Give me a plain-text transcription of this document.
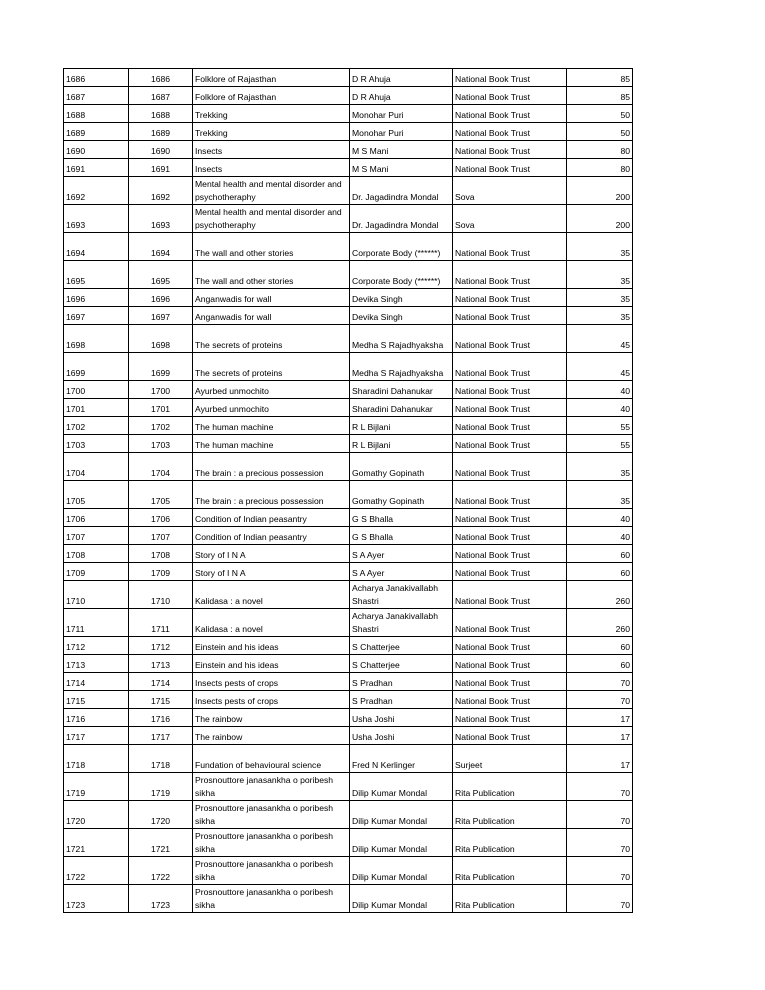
1686	1686	Folklore of Rajasthan	D R Ahuja	National Book Trust	85
1687	1687	Folklore of Rajasthan	D R Ahuja	National Book Trust	85
1688	1688	Trekking	Monohar Puri	National Book Trust	50
1689	1689	Trekking	Monohar Puri	National Book Trust	50
1690	1690	Insects	M S Mani	National Book Trust	80
1691	1691	Insects	M S Mani	National Book Trust	80
1692	1692	Mental health and mental disorder and psychotheraphy	Dr. Jagadindra Mondal	Sova	200
1693	1693	Mental health and mental disorder and psychotheraphy	Dr. Jagadindra Mondal	Sova	200
1694	1694	The wall and other stories	Corporate Body (******)	National Book Trust	35
1695	1695	The wall and other stories	Corporate Body (******)	National Book Trust	35
1696	1696	Anganwadis for wall	Devika Singh	National Book Trust	35
1697	1697	Anganwadis for wall	Devika Singh	National Book Trust	35
1698	1698	The secrets of proteins	Medha S Rajadhyaksha	National Book Trust	45
1699	1699	The secrets of proteins	Medha S Rajadhyaksha	National Book Trust	45
1700	1700	Ayurbed unmochito	Sharadini Dahanukar	National Book Trust	40
1701	1701	Ayurbed unmochito	Sharadini Dahanukar	National Book Trust	40
1702	1702	The human machine	R L Bijlani	National Book Trust	55
1703	1703	The human machine	R L Bijlani	National Book Trust	55
1704	1704	The brain : a precious possession	Gomathy Gopinath	National Book Trust	35
1705	1705	The brain : a precious possession	Gomathy Gopinath	National Book Trust	35
1706	1706	Condition of Indian peasantry	G S Bhalla	National Book Trust	40
1707	1707	Condition of Indian peasantry	G S Bhalla	National Book Trust	40
1708	1708	Story of I N A	S A Ayer	National Book Trust	60
1709	1709	Story of I N A	S A Ayer	National Book Trust	60
1710	1710	Kalidasa : a novel	Acharya Janakivallabh Shastri	National Book Trust	260
1711	1711	Kalidasa : a novel	Acharya Janakivallabh Shastri	National Book Trust	260
1712	1712	Einstein and his ideas	S Chatterjee	National Book Trust	60
1713	1713	Einstein and his ideas	S Chatterjee	National Book Trust	60
1714	1714	Insects pests of crops	S Pradhan	National Book Trust	70
1715	1715	Insects pests of crops	S Pradhan	National Book Trust	70
1716	1716	The rainbow	Usha Joshi	National Book Trust	17
1717	1717	The rainbow	Usha Joshi	National Book Trust	17
1718	1718	Fundation of behavioural science	Fred N Kerlinger	Surjeet	17
1719	1719	Prosnouttore janasankha o poribesh sikha	Dilip Kumar Mondal	Rita Publication	70
1720	1720	Prosnouttore janasankha o poribesh sikha	Dilip Kumar Mondal	Rita Publication	70
1721	1721	Prosnouttore janasankha o poribesh sikha	Dilip Kumar Mondal	Rita Publication	70
1722	1722	Prosnouttore janasankha o poribesh sikha	Dilip Kumar Mondal	Rita Publication	70
1723	1723	Prosnouttore janasankha o poribesh sikha	Dilip Kumar Mondal	Rita Publication	70
